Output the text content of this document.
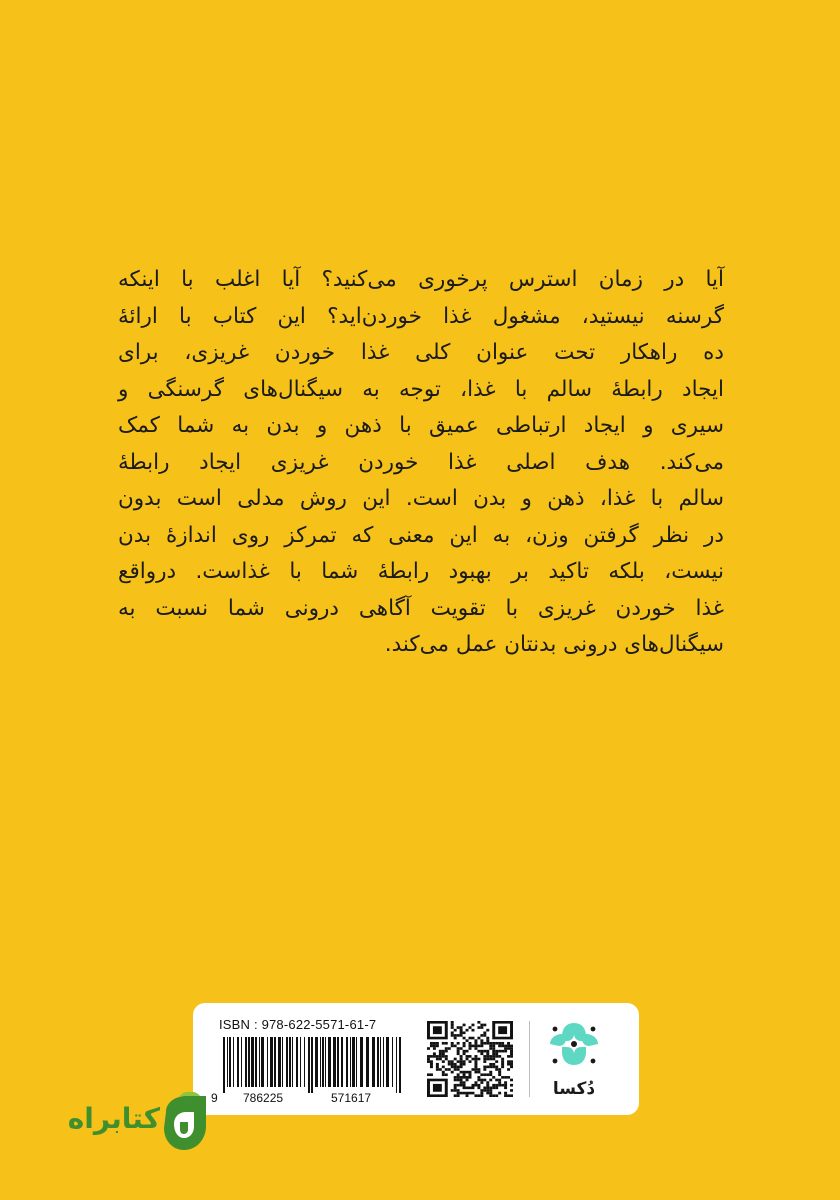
آیا در زمان استرس پرخوری می‌کنید؟ آیا اغلب با اینکه
گرسنه نیستید، مشغول غذا خوردن‌اید؟ این کتاب با ارائۀ
ده راهکار تحت عنوان کلی غذا خوردن غریزی، برای
ایجاد رابطۀ سالم با غذا، توجه به سیگنال‌های گرسنگی و
سیری و ایجاد ارتباطی عمیق با ذهن و بدن به شما کمک
می‌کند. هدف اصلی غذا خوردن غریزی ایجاد رابطۀ
سالم با غذا، ذهن و بدن است. این روش مدلی است بدون
در نظر گرفتن وزن، به این معنی که تمرکز روی اندازۀ بدن
نیست، بلکه تاکید بر بهبود رابطۀ شما با غذاست. درواقع
غذا خوردن غریزی با تقویت آگاهی درونی شما نسبت به
سیگنال‌های درونی بدنتان عمل می‌کند.
ISBN : 978-622-5571-61-7
9 786225	571617	دُکسا
کتابراه
